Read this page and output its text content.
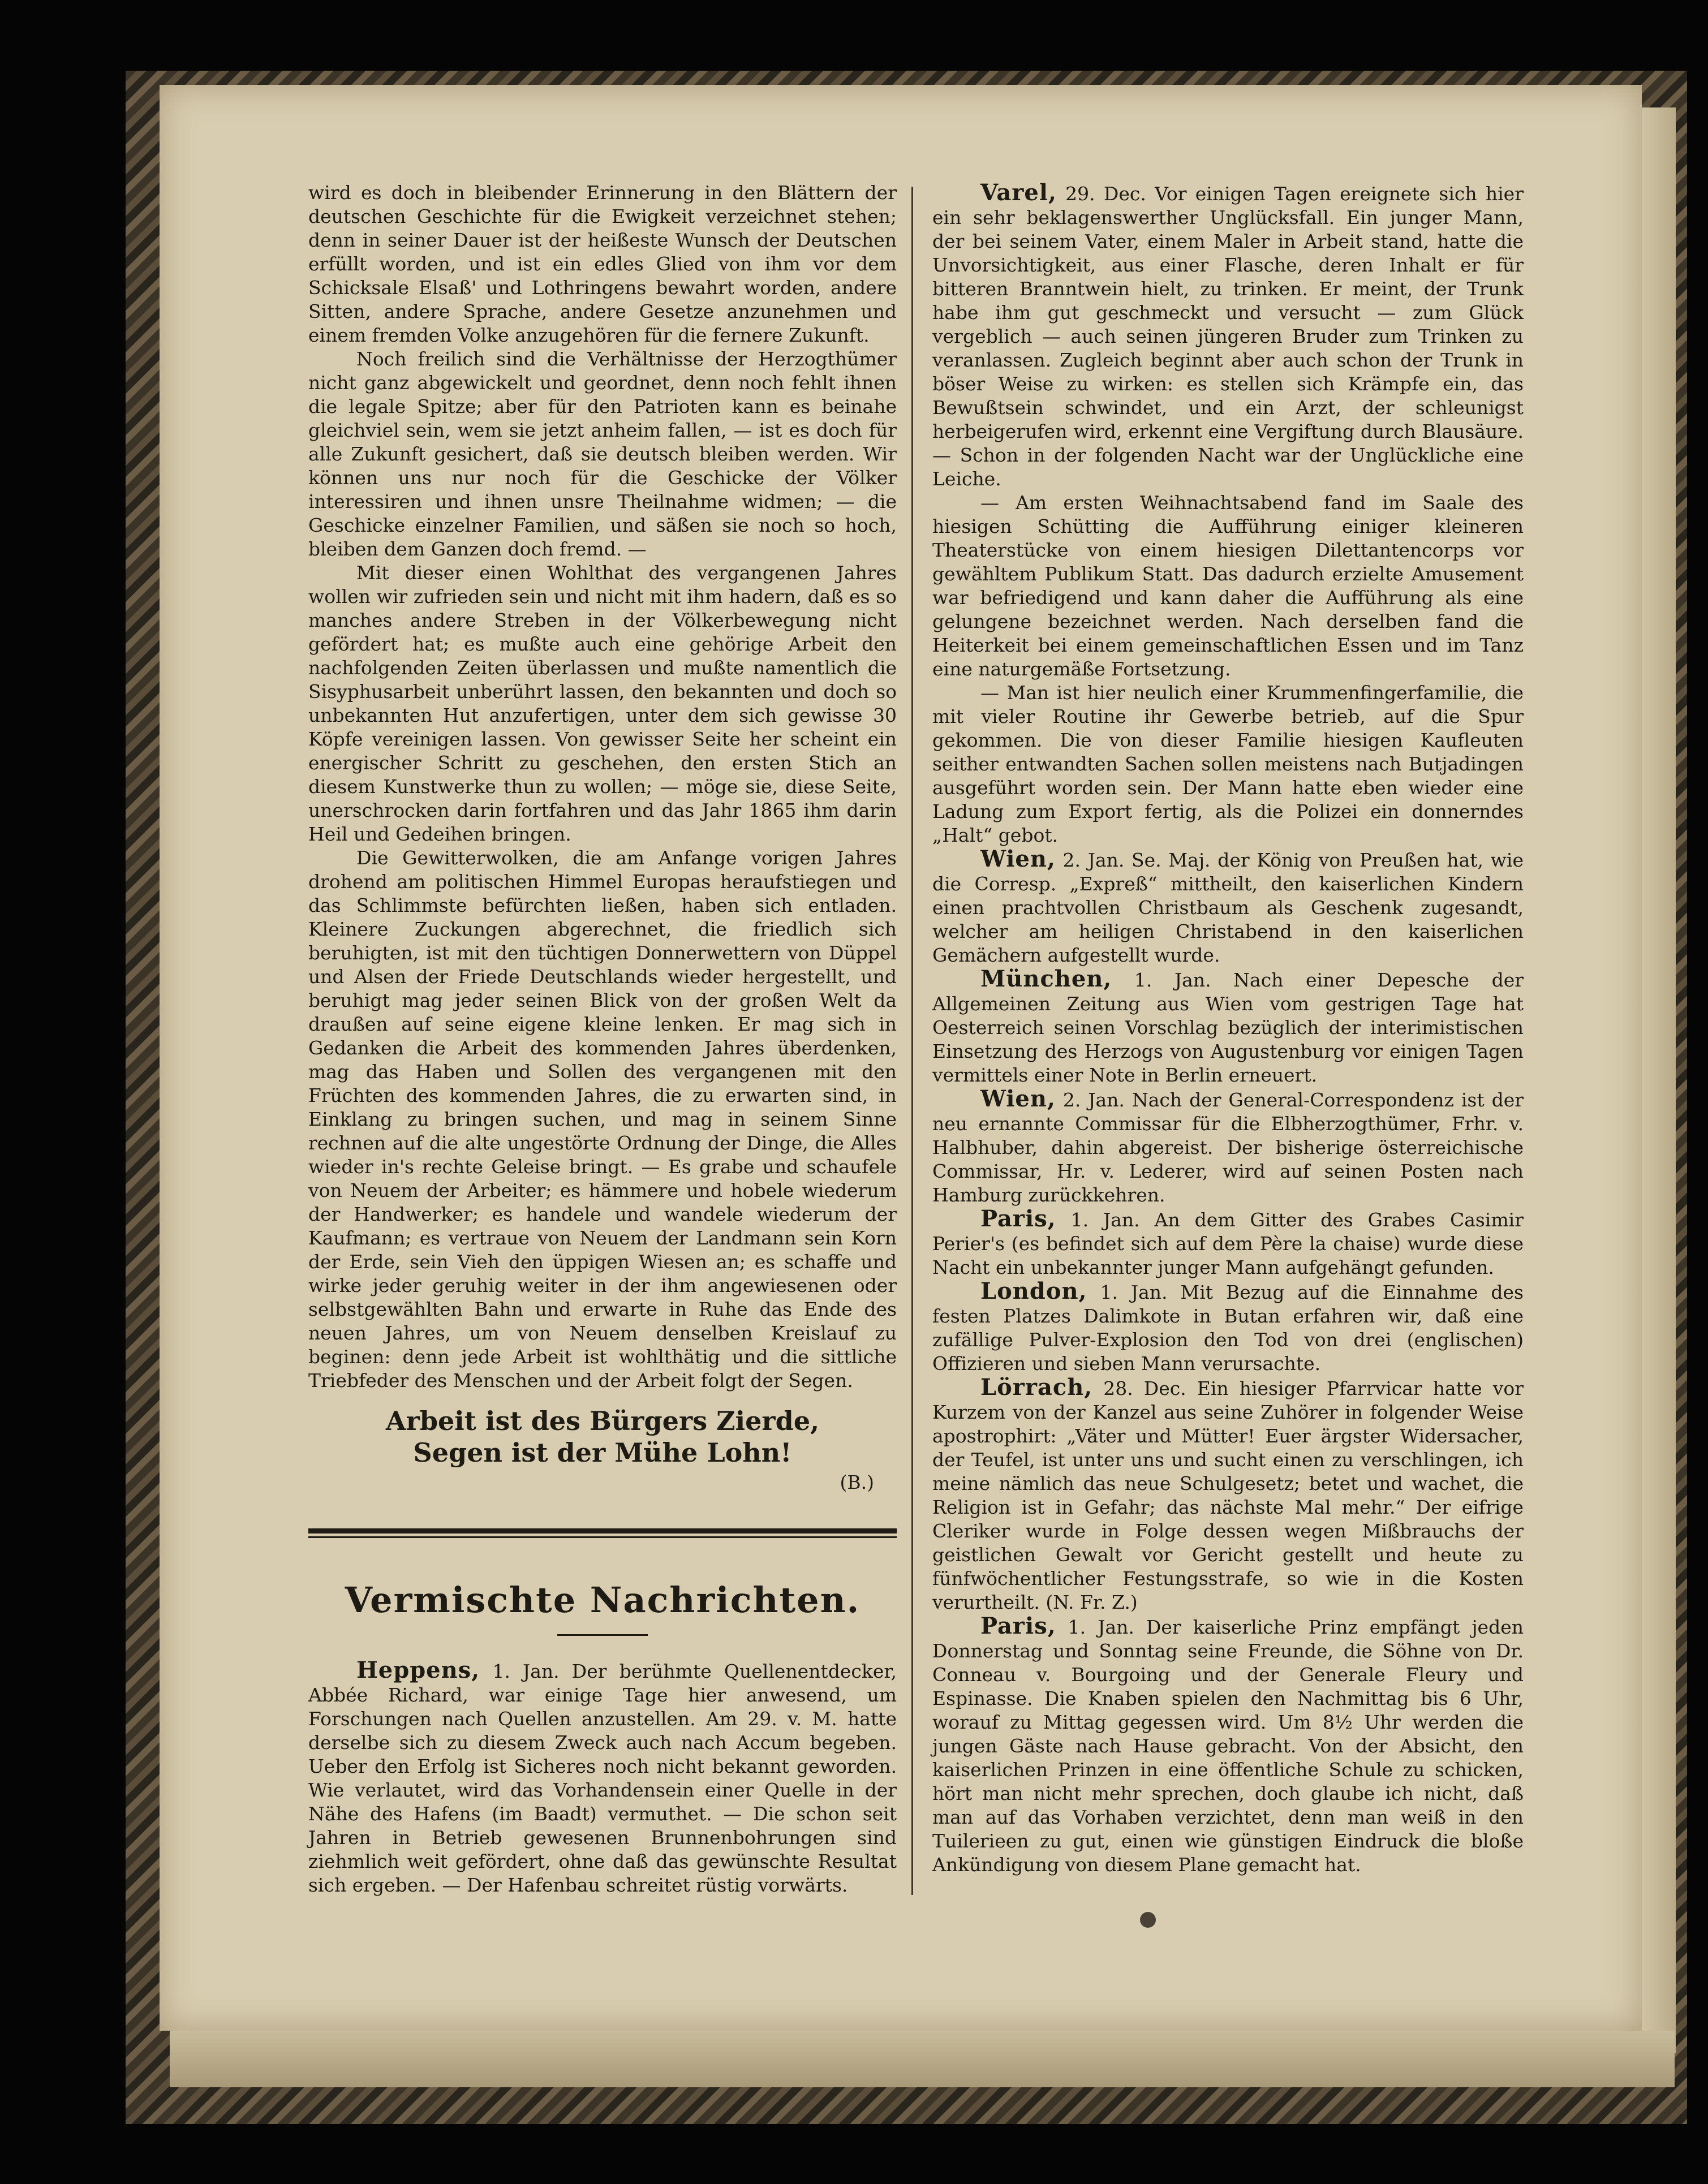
wird es doch in bleibender Erinnerung in den Blättern der deutschen Geschichte für die Ewigkeit verzeichnet stehen; denn in seiner Dauer ist der heißeste Wunsch der Deutschen erfüllt worden, und ist ein edles Glied von ihm vor dem Schicksale Elsaß' und Lothringens bewahrt worden, andere Sitten, andere Sprache, andere Gesetze anzunehmen und einem fremden Volke anzugehören für die fernere Zukunft.

Noch freilich sind die Verhältnisse der Herzogthümer nicht ganz abgewickelt und geordnet, denn noch fehlt ihnen die legale Spitze; aber für den Patrioten kann es beinahe gleichviel sein, wem sie jetzt anheim fallen, — ist es doch für alle Zukunft gesichert, daß sie deutsch bleiben werden. Wir können uns nur noch für die Geschicke der Völker interessiren und ihnen unsre Theilnahme widmen; — die Geschicke einzelner Familien, und säßen sie noch so hoch, bleiben dem Ganzen doch fremd. —

Mit dieser einen Wohlthat des vergangenen Jahres wollen wir zufrieden sein und nicht mit ihm hadern, daß es so manches andere Streben in der Völkerbewegung nicht gefördert hat; es mußte auch eine gehörige Arbeit den nachfolgenden Zeiten überlassen und mußte namentlich die Sisyphusarbeit unberührt lassen, den bekannten und doch so unbekannten Hut anzufertigen, unter dem sich gewisse 30 Köpfe vereinigen lassen. Von gewisser Seite her scheint ein energischer Schritt zu geschehen, den ersten Stich an diesem Kunstwerke thun zu wollen; — möge sie, diese Seite, unerschrocken darin fortfahren und das Jahr 1865 ihm darin Heil und Gedeihen bringen.

Die Gewitterwolken, die am Anfange vorigen Jahres drohend am politischen Himmel Europas heraufstiegen und das Schlimmste befürchten ließen, haben sich entladen. Kleinere Zuckungen abgerechnet, die friedlich sich beruhigten, ist mit den tüchtigen Donnerwettern von Düppel und Alsen der Friede Deutschlands wieder hergestellt, und beruhigt mag jeder seinen Blick von der großen Welt da draußen auf seine eigene kleine lenken. Er mag sich in Gedanken die Arbeit des kommenden Jahres überdenken, mag das Haben und Sollen des vergangenen mit den Früchten des kommenden Jahres, die zu erwarten sind, in Einklang zu bringen suchen, und mag in seinem Sinne rechnen auf die alte ungestörte Ordnung der Dinge, die Alles wieder in's rechte Geleise bringt. — Es grabe und schaufele von Neuem der Arbeiter; es hämmere und hobele wiederum der Handwerker; es handele und wandele wiederum der Kaufmann; es vertraue von Neuem der Landmann sein Korn der Erde, sein Vieh den üppigen Wiesen an; es schaffe und wirke jeder geruhig weiter in der ihm angewiesenen oder selbstgewählten Bahn und erwarte in Ruhe das Ende des neuen Jahres, um von Neuem denselben Kreislauf zu beginen: denn jede Arbeit ist wohlthätig und die sittliche Triebfeder des Menschen und der Arbeit folgt der Segen.

Arbeit ist des Bürgers Zierde,
Segen ist der Mühe Lohn!
(B.)
Vermischte Nachrichten.

Heppens, 1. Jan. Der berühmte Quellenentdecker, Abbée Richard, war einige Tage hier anwesend, um Forschungen nach Quellen anzustellen. Am 29. v. M. hatte derselbe sich zu diesem Zweck auch nach Accum begeben. Ueber den Erfolg ist Sicheres noch nicht bekannt geworden. Wie verlautet, wird das Vorhandensein einer Quelle in der Nähe des Hafens (im Baadt) vermuthet. — Die schon seit Jahren in Betrieb gewesenen Brunnenbohrungen sind ziehmlich weit gefördert, ohne daß das gewünschte Resultat sich ergeben. — Der Hafenbau schreitet rüstig vorwärts.

Varel, 29. Dec. Vor einigen Tagen ereignete sich hier ein sehr beklagenswerther Unglücksfall. Ein junger Mann, der bei seinem Vater, einem Maler in Arbeit stand, hatte die Unvorsichtigkeit, aus einer Flasche, deren Inhalt er für bitteren Branntwein hielt, zu trinken. Er meint, der Trunk habe ihm gut geschmeckt und versucht — zum Glück vergeblich — auch seinen jüngeren Bruder zum Trinken zu veranlassen. Zugleich beginnt aber auch schon der Trunk in böser Weise zu wirken: es stellen sich Krämpfe ein, das Bewußtsein schwindet, und ein Arzt, der schleunigst herbeigerufen wird, erkennt eine Vergiftung durch Blausäure. — Schon in der folgenden Nacht war der Unglückliche eine Leiche.

— Am ersten Weihnachtsabend fand im Saale des hiesigen Schütting die Aufführung einiger kleineren Theaterstücke von einem hiesigen Dilettantencorps vor gewähltem Publikum Statt. Das dadurch erzielte Amusement war befriedigend und kann daher die Aufführung als eine gelungene bezeichnet werden. Nach derselben fand die Heiterkeit bei einem gemeinschaftlichen Essen und im Tanz eine naturgemäße Fortsetzung.

— Man ist hier neulich einer Krummenfingerfamilie, die mit vieler Routine ihr Gewerbe betrieb, auf die Spur gekommen. Die von dieser Familie hiesigen Kaufleuten seither entwandten Sachen sollen meistens nach Butjadingen ausgeführt worden sein. Der Mann hatte eben wieder eine Ladung zum Export fertig, als die Polizei ein donnerndes „Halt“ gebot.

Wien, 2. Jan. Se. Maj. der König von Preußen hat, wie die Corresp. „Expreß“ mittheilt, den kaiserlichen Kindern einen prachtvollen Christbaum als Geschenk zugesandt, welcher am heiligen Christabend in den kaiserlichen Gemächern aufgestellt wurde.

München, 1. Jan. Nach einer Depesche der Allgemeinen Zeitung aus Wien vom gestrigen Tage hat Oesterreich seinen Vorschlag bezüglich der interimistischen Einsetzung des Herzogs von Augustenburg vor einigen Tagen vermittels einer Note in Berlin erneuert.

Wien, 2. Jan. Nach der General-Correspondenz ist der neu ernannte Commissar für die Elbherzogthümer, Frhr. v. Halbhuber, dahin abgereist. Der bisherige österreichische Commissar, Hr. v. Lederer, wird auf seinen Posten nach Hamburg zurückkehren.

Paris, 1. Jan. An dem Gitter des Grabes Casimir Perier's (es befindet sich auf dem Père la chaise) wurde diese Nacht ein unbekannter junger Mann aufgehängt gefunden.

London, 1. Jan. Mit Bezug auf die Einnahme des festen Platzes Dalimkote in Butan erfahren wir, daß eine zufällige Pulver-Explosion den Tod von drei (englischen) Offizieren und sieben Mann verursachte.

Lörrach, 28. Dec. Ein hiesiger Pfarrvicar hatte vor Kurzem von der Kanzel aus seine Zuhörer in folgender Weise apostrophirt: „Väter und Mütter! Euer ärgster Widersacher, der Teufel, ist unter uns und sucht einen zu verschlingen, ich meine nämlich das neue Schulgesetz; betet und wachet, die Religion ist in Gefahr; das nächste Mal mehr.“ Der eifrige Cleriker wurde in Folge dessen wegen Mißbrauchs der geistlichen Gewalt vor Gericht gestellt und heute zu fünfwöchentlicher Festungsstrafe, so wie in die Kosten verurtheilt. (N. Fr. Z.)

Paris, 1. Jan. Der kaiserliche Prinz empfängt jeden Donnerstag und Sonntag seine Freunde, die Söhne von Dr. Conneau v. Bourgoing und der Generale Fleury und Espinasse. Die Knaben spielen den Nachmittag bis 6 Uhr, worauf zu Mittag gegessen wird. Um 8½ Uhr werden die jungen Gäste nach Hause gebracht. Von der Absicht, den kaiserlichen Prinzen in eine öffentliche Schule zu schicken, hört man nicht mehr sprechen, doch glaube ich nicht, daß man auf das Vorhaben verzichtet, denn man weiß in den Tuilerieen zu gut, einen wie günstigen Eindruck die bloße Ankündigung von diesem Plane gemacht hat.
